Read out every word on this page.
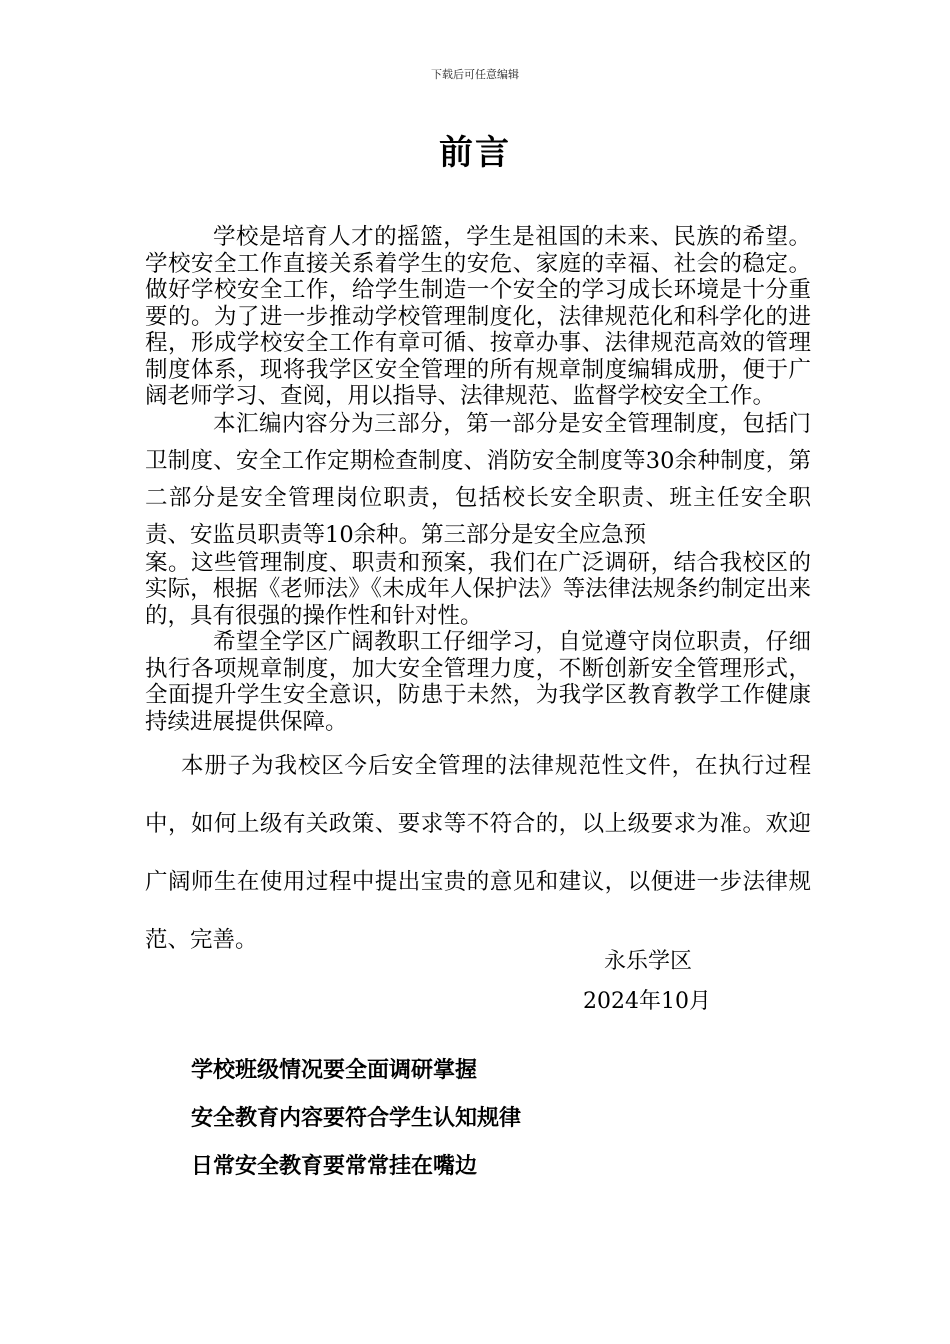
下载后可任意编辑
前言

学校是培育人才的摇篮，学生是祖国的未来、民族的希望。学校安全工作直接关系着学生的安危、家庭的幸福、社会的稳定。做好学校安全工作，给学生制造一个安全的学习成长环境是十分重要的。为了进一步推动学校管理制度化，法律规范化和科学化的进程，形成学校安全工作有章可循、按章办事、法律规范高效的管理制度体系，现将我学区安全管理的所有规章制度编辑成册，便于广阔老师学习、查阅，用以指导、法律规范、监督学校安全工作。

本汇编内容分为三部分，第一部分是安全管理制度，包括门卫制度、安全工作定期检查制度、消防安全制度等30余种制度，第二部分是安全管理岗位职责，包括校长安全职责、班主任安全职责、安监员职责等10余种。第三部分是安全应急预

案。这些管理制度、职责和预案，我们在广泛调研，结合我校区的实际，根据《老师法》《未成年人保护法》等法律法规条约制定出来的，具有很强的操作性和针对性。

希望全学区广阔教职工仔细学习，自觉遵守岗位职责，仔细执行各项规章制度，加大安全管理力度，不断创新安全管理形式，全面提升学生安全意识，防患于未然，为我学区教育教学工作健康持续进展提供保障。

本册子为我校区今后安全管理的法律规范性文件，在执行过程中，如何上级有关政策、要求等不符合的，以上级要求为准。欢迎广阔师生在使用过程中提出宝贵的意见和建议，以便进一步法律规范、完善。

永乐学区
2024年10月
学校班级情况要全面调研掌握
安全教育内容要符合学生认知规律
日常安全教育要常常挂在嘴边
